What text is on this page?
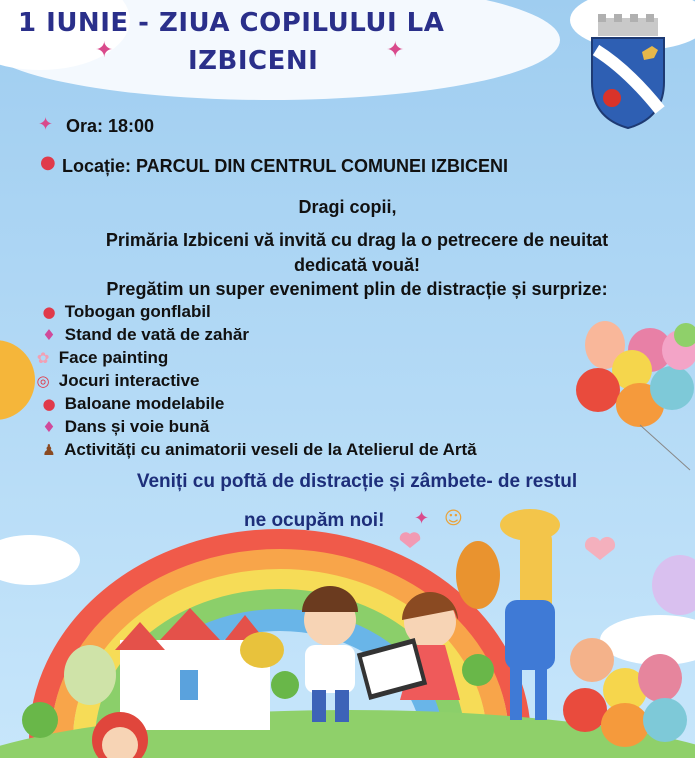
1 IUNIE - ZIUA COPILULUI LA
IZBICENI
✦	✦
✦ Ora: 18:00
● Locație: PARCUL DIN CENTRUL COMUNEI IZBICENI
Dragi copii,
Primăria Izbiceni vă invită cu drag la o petrecere de neuitat
dedicată vouă!
Pregătim un super eveniment plin de distracție și surprize:
● Tobogan gonflabil
♦ Stand de vată de zahăr
✿ Face painting
◎ Jocuri interactive
● Baloane modelabile
♦ Dans și voie bună
♟ Activități cu animatorii veseli de la Atelierul de Artă
Veniți cu poftă de distracție și zâmbete- de restul
ne ocupăm noi! ✦ ☺
